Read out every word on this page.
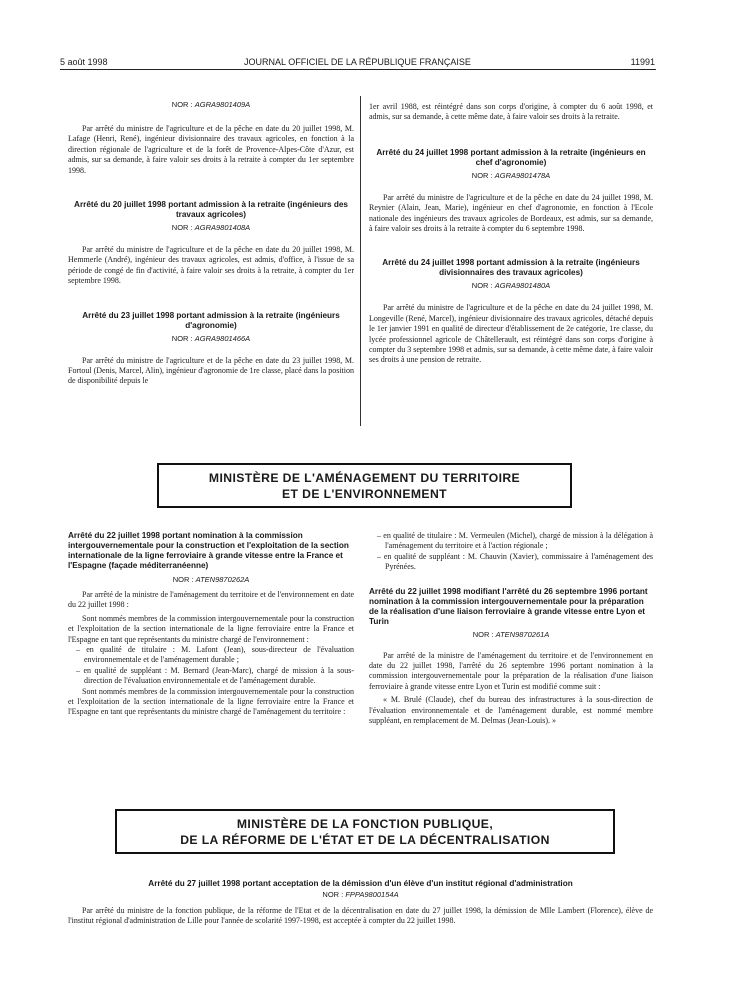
5 août 1998	JOURNAL OFFICIEL DE LA RÉPUBLIQUE FRANÇAISE	11991

NOR : AGRA9801409A

Par arrêté du ministre de l'agriculture et de la pêche en date du 20 juillet 1998, M. Lafage (Henri, René), ingénieur divisionnaire des travaux agricoles, en fonction à la direction régionale de l'agriculture et de la forêt de Provence-Alpes-Côte d'Azur, est admis, sur sa demande, à faire valoir ses droits à la retraite à compter du 1er septembre 1998.

Arrêté du 20 juillet 1998 portant admission à la retraite (ingénieurs des travaux agricoles)

NOR : AGRA9801408A

Par arrêté du ministre de l'agriculture et de la pêche en date du 20 juillet 1998, M. Hemmerle (André), ingénieur des travaux agricoles, est admis, d'office, à l'issue de sa période de congé de fin d'activité, à faire valoir ses droits à la retraite, à compter du 1er septembre 1998.

Arrêté du 23 juillet 1998 portant admission à la retraite (ingénieurs d'agronomie)

NOR : AGRA9801466A

Par arrêté du ministre de l'agriculture et de la pêche en date du 23 juillet 1998, M. Fortoul (Denis, Marcel, Alin), ingénieur d'agronomie de 1re classe, placé dans la position de disponibilité depuis le

1er avril 1988, est réintégré dans son corps d'origine, à compter du 6 août 1998, et admis, sur sa demande, à cette même date, à faire valoir ses droits à la retraite.

Arrêté du 24 juillet 1998 portant admission à la retraite (ingénieurs en chef d'agronomie)

NOR : AGRA9801478A

Par arrêté du ministre de l'agriculture et de la pêche en date du 24 juillet 1998, M. Reynier (Alain, Jean, Marie), ingénieur en chef d'agronomie, en fonction à l'Ecole nationale des ingénieurs des travaux agricoles de Bordeaux, est admis, sur sa demande, à faire valoir ses droits à la retraite à compter du 6 septembre 1998.

Arrêté du 24 juillet 1998 portant admission à la retraite (ingénieurs divisionnaires des travaux agricoles)

NOR : AGRA9801480A

Par arrêté du ministre de l'agriculture et de la pêche en date du 24 juillet 1998, M. Longeville (René, Marcel), ingénieur divisionnaire des travaux agricoles, détaché depuis le 1er janvier 1991 en qualité de directeur d'établissement de 2e catégorie, 1re classe, du lycée professionnel agricole de Châtellerault, est réintégré dans son corps d'origine à compter du 3 septembre 1998 et admis, sur sa demande, à cette même date, à faire valoir ses droits à une pension de retraite.

MINISTÈRE DE L'AMÉNAGEMENT DU TERRITOIRE
ET DE L'ENVIRONNEMENT

Arrêté du 22 juillet 1998 portant nomination à la commission intergouvernementale pour la construction et l'exploitation de la section internationale de la ligne ferroviaire à grande vitesse entre la France et l'Espagne (façade méditerranéenne)

NOR : ATEN9870262A

Par arrêté de la ministre de l'aménagement du territoire et de l'environnement en date du 22 juillet 1998 :

Sont nommés membres de la commission intergouvernementale pour la construction et l'exploitation de la section internationale de la ligne ferroviaire entre la France et l'Espagne en tant que représentants du ministre chargé de l'environnement :

– en qualité de titulaire : M. Lafont (Jean), sous-directeur de l'évaluation environnementale et de l'aménagement durable ;

– en qualité de suppléant : M. Bernard (Jean-Marc), chargé de mission à la sous-direction de l'évaluation environnementale et de l'aménagement durable.

Sont nommés membres de la commission intergouvernementale pour la construction et l'exploitation de la section internationale de la ligne ferroviaire entre la France et l'Espagne en tant que représentants du ministre chargé de l'aménagement du territoire :

– en qualité de titulaire : M. Vermeulen (Michel), chargé de mission à la délégation à l'aménagement du territoire et à l'action régionale ;

– en qualité de suppléant : M. Chauvin (Xavier), commissaire à l'aménagement des Pyrénées.

Arrêté du 22 juillet 1998 modifiant l'arrêté du 26 septembre 1996 portant nomination à la commission intergouvernementale pour la préparation de la réalisation d'une liaison ferroviaire à grande vitesse entre Lyon et Turin

NOR : ATEN9870261A

Par arrêté de la ministre de l'aménagement du territoire et de l'environnement en date du 22 juillet 1998, l'arrêté du 26 septembre 1996 portant nomination à la commission intergouvernementale pour la préparation de la réalisation d'une liaison ferroviaire à grande vitesse entre Lyon et Turin est modifié comme suit :

« M. Brulé (Claude), chef du bureau des infrastructures à la sous-direction de l'évaluation environnementale et de l'aménagement durable, est nommé membre suppléant, en remplacement de M. Delmas (Jean-Louis). »

MINISTÈRE DE LA FONCTION PUBLIQUE,
DE LA RÉFORME DE L'ÉTAT ET DE LA DÉCENTRALISATION

Arrêté du 27 juillet 1998 portant acceptation de la démission d'un élève d'un institut régional d'administration

NOR : FPPA9800154A

Par arrêté du ministre de la fonction publique, de la réforme de l'Etat et de la décentralisation en date du 27 juillet 1998, la démission de Mlle Lambert (Florence), élève de l'institut régional d'administration de Lille pour l'année de scolarité 1997-1998, est acceptée à compter du 22 juillet 1998.
